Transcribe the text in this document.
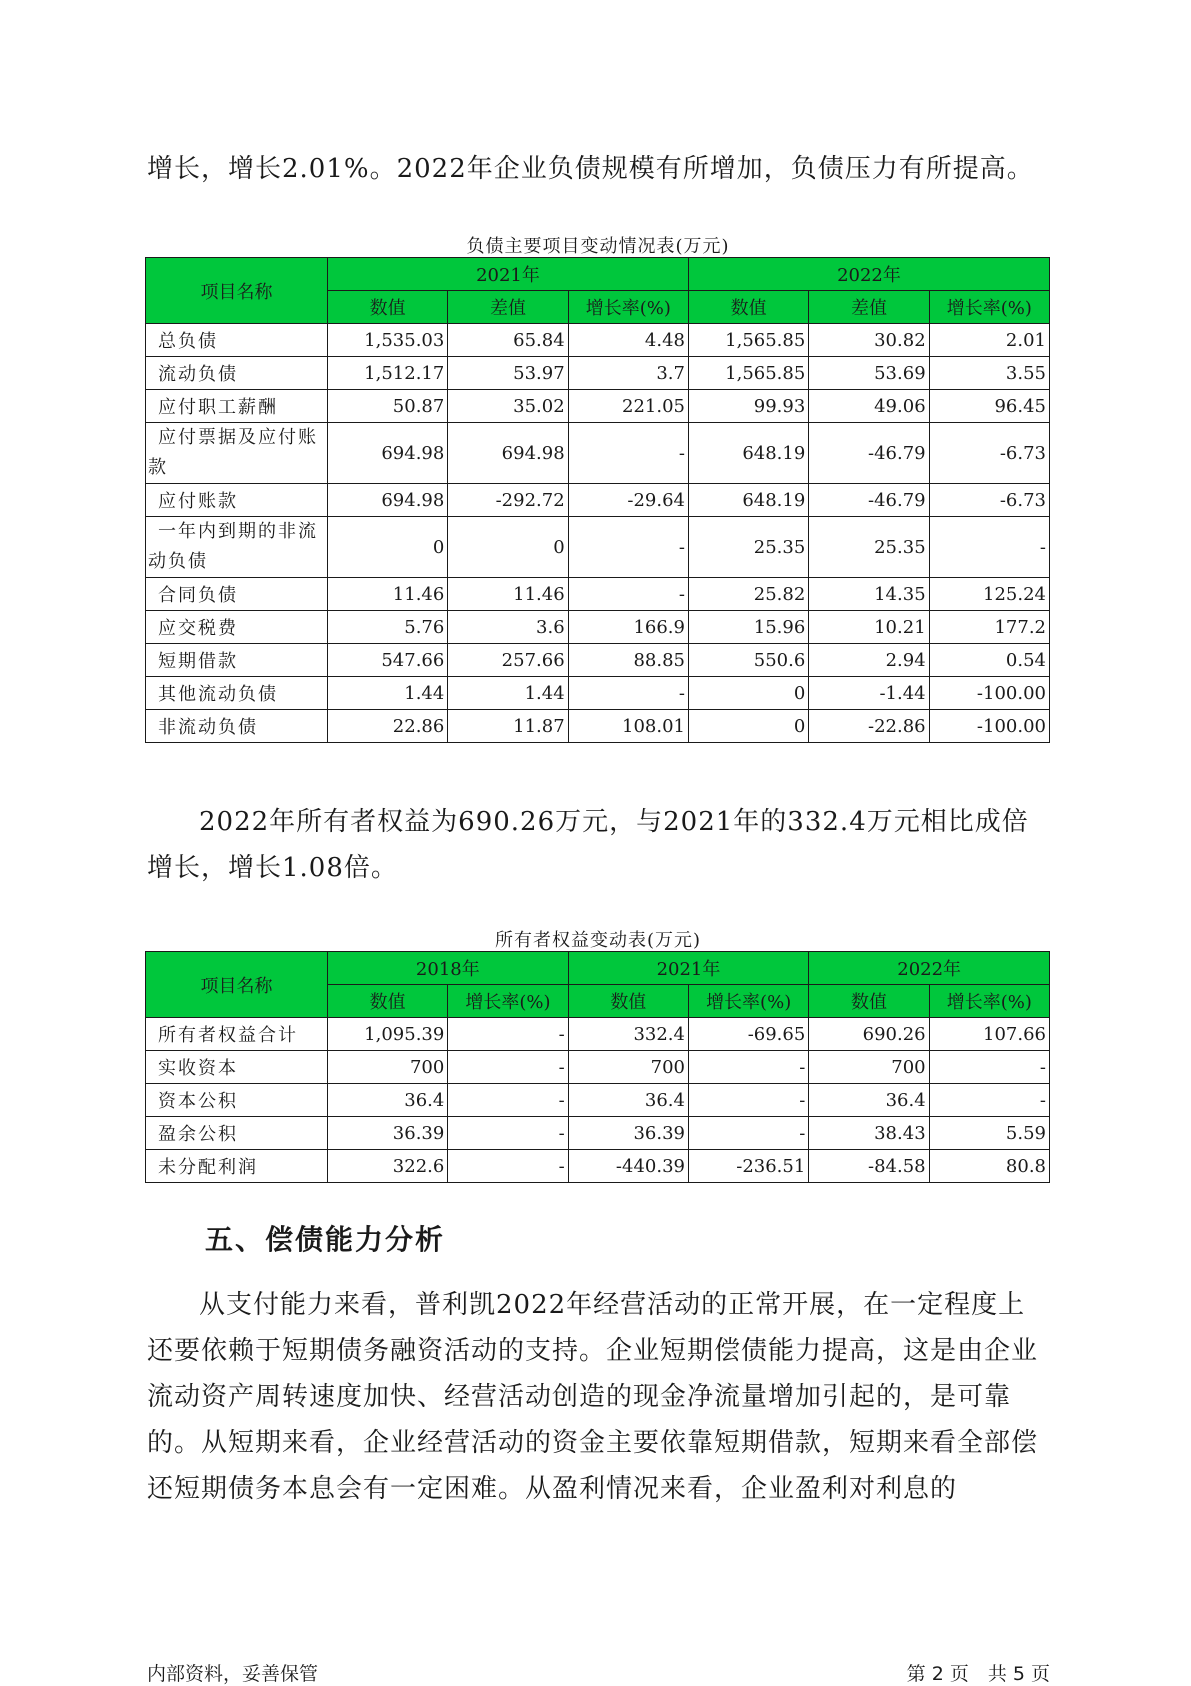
增长，增长2.01%。2022年企业负债规模有所增加，负债压力有所提高。

负债主要项目变动情况表(万元)

项目名称	2021年			2022年		
	数值	差值	增长率(%)	数值	差值	增长率(%)
总负债	1,535.03	65.84	4.48	1,565.85	30.82	2.01
流动负债	1,512.17	53.97	3.7	1,565.85	53.69	3.55
应付职工薪酬	50.87	35.02	221.05	99.93	49.06	96.45
应付票据及应付账款	694.98	694.98	-	648.19	-46.79	-6.73
应付账款	694.98	-292.72	-29.64	648.19	-46.79	-6.73
一年内到期的非流动负债	0	0	-	25.35	25.35	-
合同负债	11.46	11.46	-	25.82	14.35	125.24
应交税费	5.76	3.6	166.9	15.96	10.21	177.2
短期借款	547.66	257.66	88.85	550.6	2.94	0.54
其他流动负债	1.44	1.44	-	0	-1.44	-100.00
非流动负债	22.86	11.87	108.01	0	-22.86	-100.00

2022年所有者权益为690.26万元，与2021年的332.4万元相比成倍增长，增长1.08倍。

所有者权益变动表(万元)

项目名称	2018年		2021年		2022年	
	数值	增长率(%)	数值	增长率(%)	数值	增长率(%)
所有者权益合计	1,095.39	-	332.4	-69.65	690.26	107.66
实收资本	700	-	700	-	700	-
资本公积	36.4	-	36.4	-	36.4	-
盈余公积	36.39	-	36.39	-	38.43	5.59
未分配利润	322.6	-	-440.39	-236.51	-84.58	80.8
五、偿债能力分析

从支付能力来看，普利凯2022年经营活动的正常开展，在一定程度上还要依赖于短期债务融资活动的支持。企业短期偿债能力提高，这是由企业流动资产周转速度加快、经营活动创造的现金净流量增加引起的，是可靠的。从短期来看，企业经营活动的资金主要依靠短期借款，短期来看全部偿还短期债务本息会有一定困难。从盈利情况来看，企业盈利对利息的

内部资料，妥善保管	第 2 页　共 5 页
